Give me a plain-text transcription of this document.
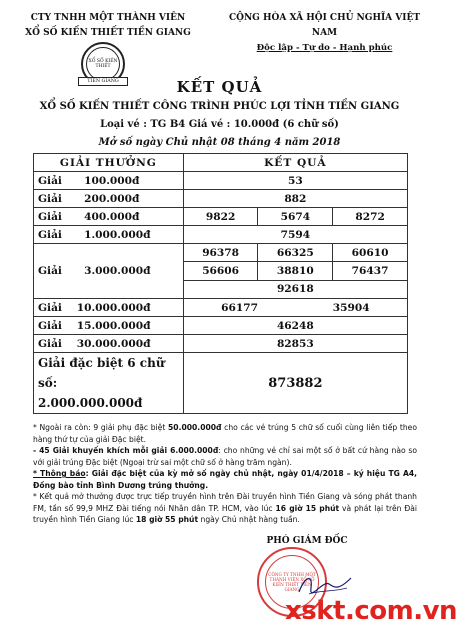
CTY TNHH MỘT THÀNH VIÊN
XỔ SỐ KIẾN THIẾT TIỀN GIANG
CỘNG HÒA XÃ HỘI CHỦ NGHĨA VIỆT NAM
Độc lập - Tự do - Hạnh phúc
XỔ SỐ KIẾN THIẾT
TIỀN GIANG	KẾT QUẢ
XỔ SỐ KIẾN THIẾT CÔNG TRÌNH PHÚC LỢI TỈNH TIỀN GIANG
Loại vé : TG B4 Giá vé : 10.000đ (6 chữ số)
Mở số ngày Chủ nhật 08 tháng 4 năm 2018
GIẢI THƯỞNG	KẾT QUẢ		
Giải 100.000đ	53		
Giải 200.000đ	882		
Giải 400.000đ	9822	5674	8272
Giải 1.000.000đ	7594		
Giải 3.000.000đ	96378	66325	60610
	56606	38810	76437
	92618		
Giải 10.000.000đ	66177 35904		

Giải 15.000.000đ	46248		
Giải 30.000.000đ	82853		

Giải đặc biệt 6 chữ số:
2.000.000.000đ	873882		

* Ngoài ra còn: 9 giải phụ đặc biệt 50.000.000đ cho các vé trúng 5 chữ số cuối cùng liên tiếp theo hàng thứ tự của giải Đặc biệt.

- 45 Giải khuyến khích mỗi giải 6.000.000đ: cho những vé chỉ sai một số ở bất cứ hàng nào so với giải trúng Đặc biệt (Ngoại trừ sai một chữ số ở hàng trăm ngàn).

* Thông báo: Giải đặc biệt của kỳ mở số ngày chủ nhật, ngày 01/4/2018 – ký hiệu TG A4, Đồng bào tỉnh Bình Dương trúng thưởng.

* Kết quả mở thưởng được trực tiếp truyền hình trên Đài truyền hình Tiền Giang và sóng phát thanh FM, tần số 99,9 MHZ Đài tiếng nói Nhân dân TP. HCM, vào lúc 16 giờ 15 phút và phát lại trên Đài truyền hình Tiền Giang lúc 18 giờ 55 phút ngày Chủ nhật hàng tuần.

PHÓ GIÁM ĐỐC
CÔNG TY TNHH MỘT THÀNH VIÊN XỔ SỐ KIẾN THIẾT TIỀN GIANG
xskt.com.vn
